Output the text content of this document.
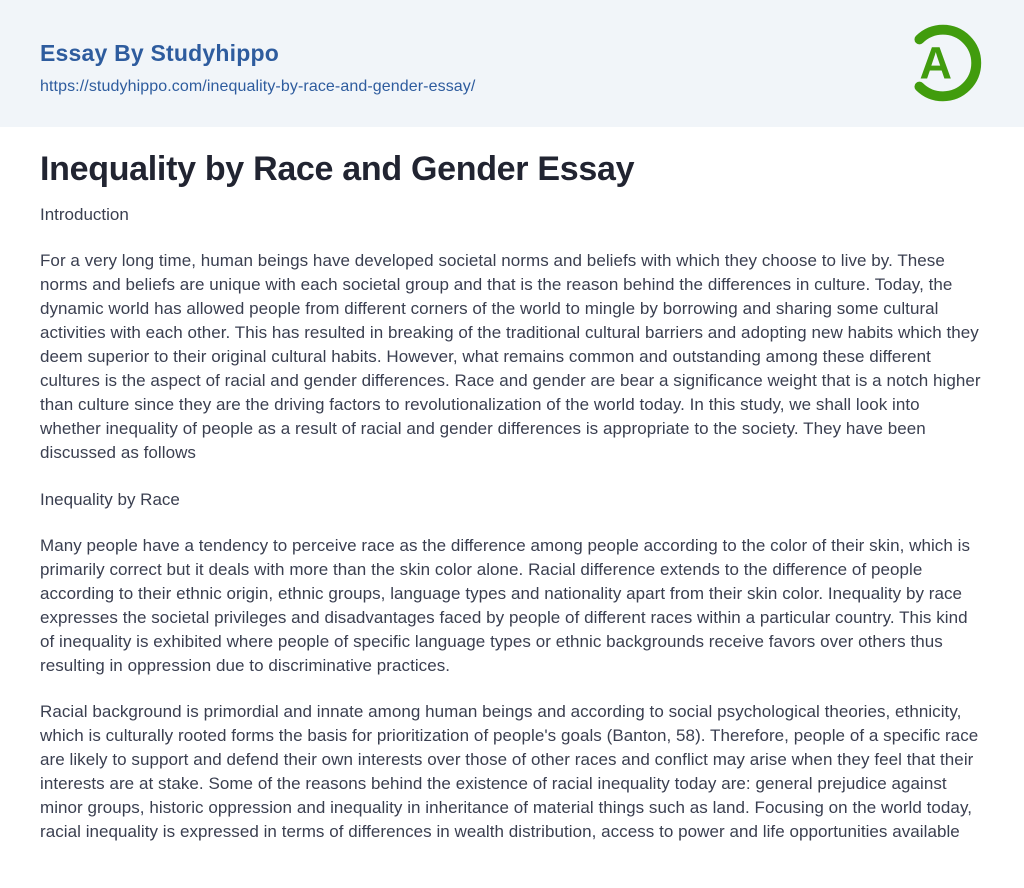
Essay By Studyhippo
https://studyhippo.com/inequality-by-race-and-gender-essay/	A
Inequality by Race and Gender Essay

Introduction

For a very long time, human beings have developed societal norms and beliefs with which they choose to live by. These norms and beliefs are unique with each societal group and that is the reason behind the differences in culture. Today, the dynamic world has allowed people from different corners of the world to mingle by borrowing and sharing some cultural activities with each other. This has resulted in breaking of the traditional cultural barriers and adopting new habits which they deem superior to their original cultural habits. However, what remains common and outstanding among these different cultures is the aspect of racial and gender differences. Race and gender are bear a significance weight that is a notch higher than culture since they are the driving factors to revolutionalization of the world today. In this study, we shall look into whether inequality of people as a result of racial and gender differences is appropriate to the society. They have been discussed as follows

Inequality by Race

Many people have a tendency to perceive race as the difference among people according to the color of their skin, which is primarily correct but it deals with more than the skin color alone. Racial difference extends to the difference of people according to their ethnic origin, ethnic groups, language types and nationality apart from their skin color. Inequality by race expresses the societal privileges and disadvantages faced by people of different races within a particular country. This kind of inequality is exhibited where people of specific language types or ethnic backgrounds receive favors over others thus resulting in oppression due to discriminative practices.

Racial background is primordial and innate among human beings and according to social psychological theories, ethnicity, which is culturally rooted forms the basis for prioritization of people's goals (Banton, 58). Therefore, people of a specific race are likely to support and defend their own interests over those of other races and conflict may arise when they feel that their interests are at stake. Some of the reasons behind the existence of racial inequality today are: general prejudice against minor groups, historic oppression and inequality in inheritance of material things such as land. Focusing on the world today, racial inequality is expressed in terms of differences in wealth distribution, access to power and life opportunities available
